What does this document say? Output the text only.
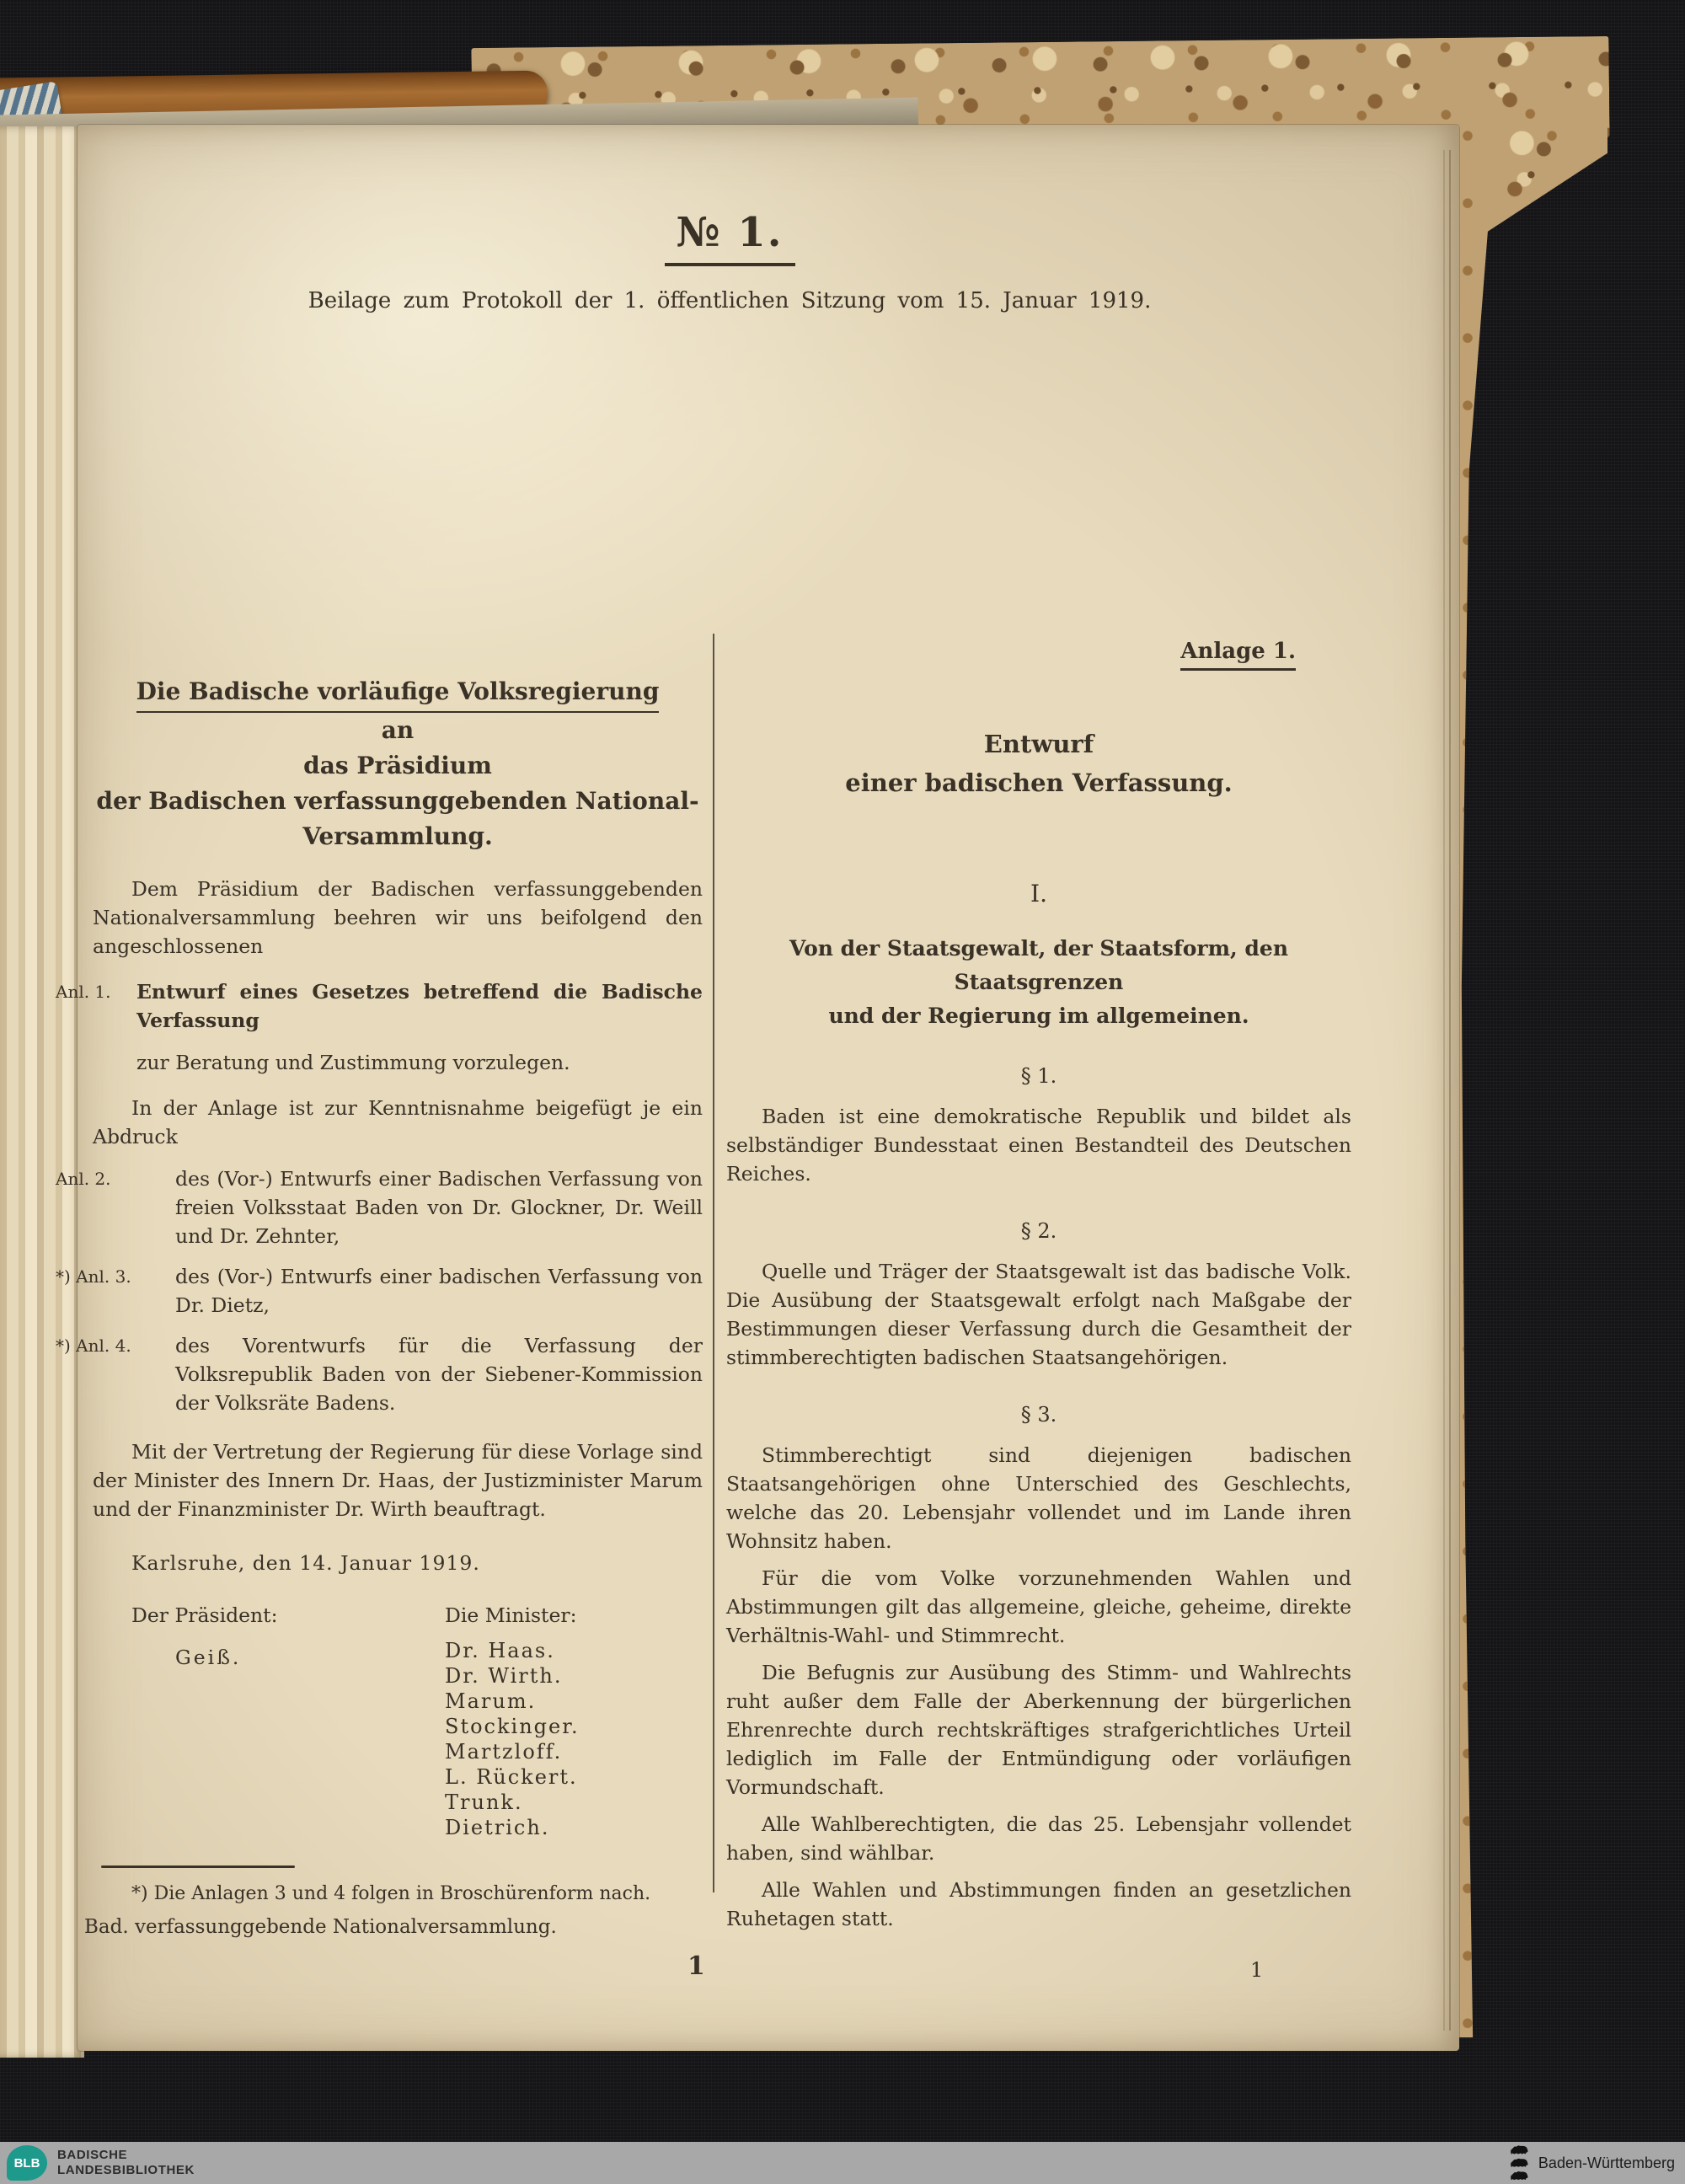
№ 1.
Beilage zum Protokoll der 1. öffentlichen Sitzung vom 15. Januar 1919.
Die Badische vorläufige Volksregierung
an
das Präsidium
der Badischen verfassunggebenden National-
Versammlung.
Dem Präsidium der Badischen verfassunggebenden Nationalversammlung beehren wir uns beifolgend den angeschlossenen
Anl. 1.	Entwurf eines Gesetzes betreffend die Badische Verfassung
zur Beratung und Zustimmung vorzulegen.
In der Anlage ist zur Kenntnisnahme beigefügt je ein Abdruck
Anl. 2.	des (Vor-) Entwurfs einer Badischen Verfassung von freien Volksstaat Baden von Dr. Glockner, Dr. Weill und Dr. Zehnter,
*) Anl. 3.	des (Vor-) Entwurfs einer badischen Verfassung von Dr. Dietz,
*) Anl. 4.	des Vorentwurfs für die Verfassung der Volksrepublik Baden von der Siebener-Kommission der Volksräte Badens.
Mit der Vertretung der Regierung für diese Vorlage sind der Minister des Innern Dr. Haas, der Justizminister Marum und der Finanzminister Dr. Wirth beauftragt.
Karlsruhe, den 14. Januar 1919.
Der Präsident:
Geiß.
Die Minister:
Dr. Haas.
Dr. Wirth.
Marum.
Stockinger.
Martzloff.
L. Rückert.
Trunk.
Dietrich.
*) Die Anlagen 3 und 4 folgen in Broschürenform nach.
Anlage 1.
Entwurf
einer badischen Verfassung.
I.
Von der Staatsgewalt, der Staatsform, den Staatsgrenzen
und der Regierung im allgemeinen.
§ 1.
Baden ist eine demokratische Republik und bildet als selbständiger Bundesstaat einen Bestandteil des Deutschen Reiches.
§ 2.
Quelle und Träger der Staatsgewalt ist das badische Volk. Die Ausübung der Staatsgewalt erfolgt nach Maßgabe der Bestimmungen dieser Verfassung durch die Gesamtheit der stimmberechtigten badischen Staatsangehörigen.
§ 3.
Stimmberechtigt sind diejenigen badischen Staatsangehörigen ohne Unterschied des Geschlechts, welche das 20. Lebensjahr vollendet und im Lande ihren Wohnsitz haben.
Für die vom Volke vorzunehmenden Wahlen und Abstimmungen gilt das allgemeine, gleiche, geheime, direkte Verhältnis-Wahl- und Stimmrecht.
Die Befugnis zur Ausübung des Stimm- und Wahlrechts ruht außer dem Falle der Aberkennung der bürgerlichen Ehrenrechte durch rechtskräftiges strafgerichtliches Urteil lediglich im Falle der Entmündigung oder vorläufigen Vormundschaft.
Alle Wahlberechtigten, die das 25. Lebensjahr vollendet haben, sind wählbar.
Alle Wahlen und Abstimmungen finden an gesetzlichen Ruhetagen statt.
Bad. verfassunggebende Nationalversammlung.
1	1
BLB
BADISCHE
LANDESBIBLIOTHEK	Baden-Württemberg
